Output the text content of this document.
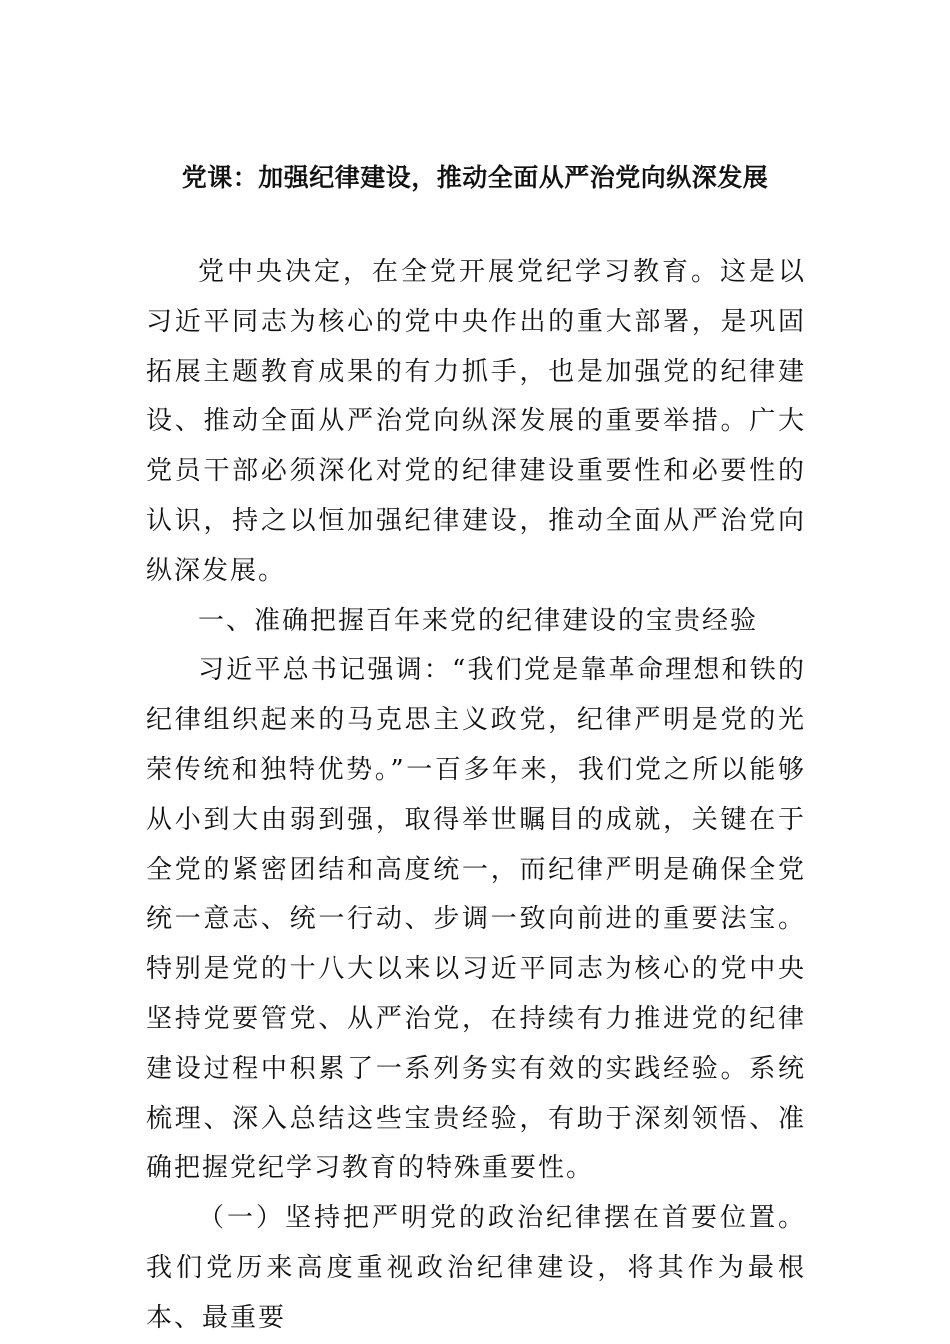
党课：加强纪律建设，推动全面从严治党向纵深发展

党中央决定，在全党开展党纪学习教育。这是以习近平同志为核心的党中央作出的重大部署，是巩固拓展主题教育成果的有力抓手，也是加强党的纪律建设、推动全面从严治党向纵深发展的重要举措。广大党员干部必须深化对党的纪律建设重要性和必要性的认识，持之以恒加强纪律建设，推动全面从严治党向纵深发展。

一、准确把握百年来党的纪律建设的宝贵经验

习近平总书记强调：“我们党是靠革命理想和铁的纪律组织起来的马克思主义政党，纪律严明是党的光荣传统和独特优势。”一百多年来，我们党之所以能够从小到大由弱到强，取得举世瞩目的成就，关键在于全党的紧密团结和高度统一，而纪律严明是确保全党统一意志、统一行动、步调一致向前进的重要法宝。特别是党的十八大以来以习近平同志为核心的党中央坚持党要管党、从严治党，在持续有力推进党的纪律建设过程中积累了一系列务实有效的实践经验。系统梳理、深入总结这些宝贵经验，有助于深刻领悟、准确把握党纪学习教育的特殊重要性。

（一）坚持把严明党的政治纪律摆在首要位置。我们党历来高度重视政治纪律建设，将其作为最根本、最重要
